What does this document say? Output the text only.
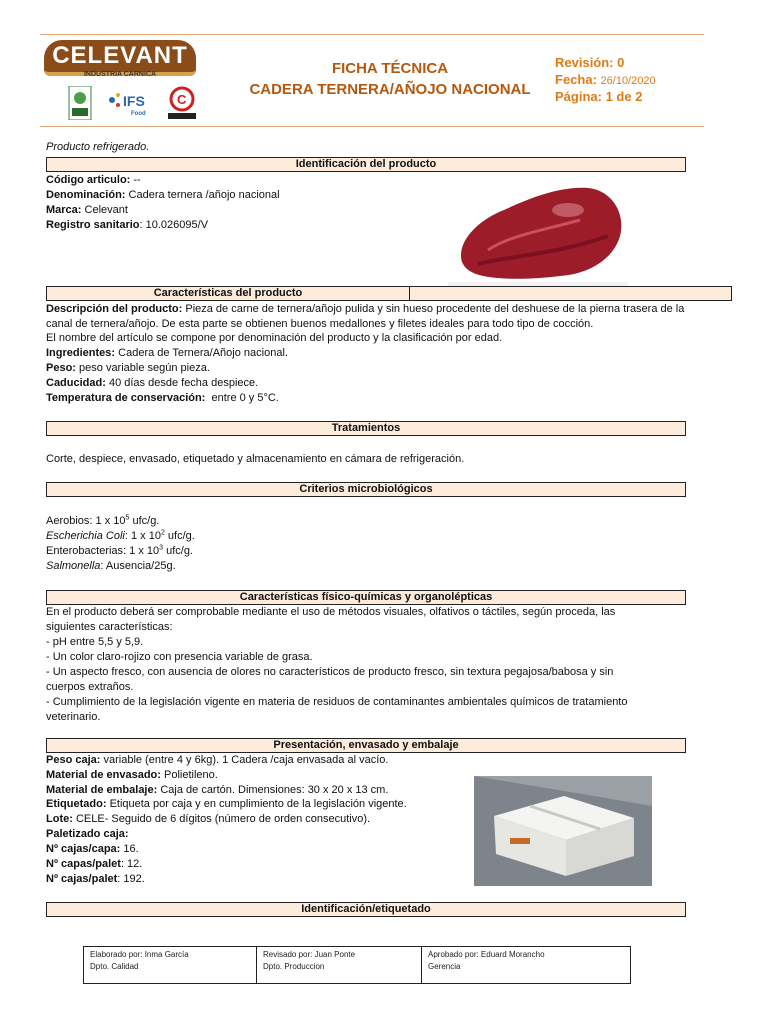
CELEVANT
INDUSTRIA CÁRNICA
IFS
Food
C
FICHA TÉCNICA
CADERA TERNERA/AÑOJO NACIONAL
Revisión: 0
Fecha: 26/10/2020
Página: 1 de 2
Producto refrigerado.
Identificación del producto
Código articulo: --
Denominación: Cadera ternera /añojo nacional
Marca: Celevant
Registro sanitario: 10.026095/V
Características del producto
Descripción del producto: Pieza de carne de ternera/añojo pulida y sin hueso procedente del deshuese de la pierna trasera de la
canal de ternera/añojo. De esta parte se obtienen buenos medallones y filetes ideales para todo tipo de cocción.
El nombre del artículo se compone por denominación del producto y la clasificación por edad.
Ingredientes: Cadera de Ternera/Añojo nacional.
Peso: peso variable según pieza.
Caducidad: 40 días desde fecha despiece.
Temperatura de conservación: entre 0 y 5°C.
Tratamientos
Corte, despiece, envasado, etiquetado y almacenamiento en cámara de refrigeración.
Criterios microbiológicos
Aerobios: 1 x $10^5$ ufc/g.
Escherichia Coli: 1 x $10^2$ ufc/g.
Enterobacterias: 1 x $10^3$ ufc/g.
Salmonella: Ausencia/25g.
Características físico-químicas y organolépticas
En el producto deberá ser comprobable mediante el uso de métodos visuales, olfativos o táctiles, según proceda, las
siguientes características:
- pH entre 5,5 y 5,9.
- Un color claro-rojizo con presencia variable de grasa.
- Un aspecto fresco, con ausencia de olores no característicos de producto fresco, sin textura pegajosa/babosa y sin
cuerpos extraños.
- Cumplimiento de la legislación vigente en materia de residuos de contaminantes ambientales químicos de tratamiento
veterinario.
Presentación, envasado y embalaje
Peso caja: variable (entre 4 y 6kg). 1 Cadera /caja envasada al vacío.
Material de envasado: Polietileno.
Material de embalaje: Caja de cartón. Dimensiones: 30 x 20 x 13 cm.
Etiquetado: Etiqueta por caja y en cumplimiento de la legislación vigente.
Lote: CELE- Seguido de 6 dígitos (número de orden consecutivo).
Paletizado caja:
Nº cajas/capa: 16.
Nº capas/palet: 12.
Nº cajas/palet: 192.
Identificación/etiquetado
Elaborado por: Inma García
Dpto. Calidad
Revisado por: Juan Ponte
Dpto. Produccion
Aprobado por: Eduard Morancho
Gerencia
